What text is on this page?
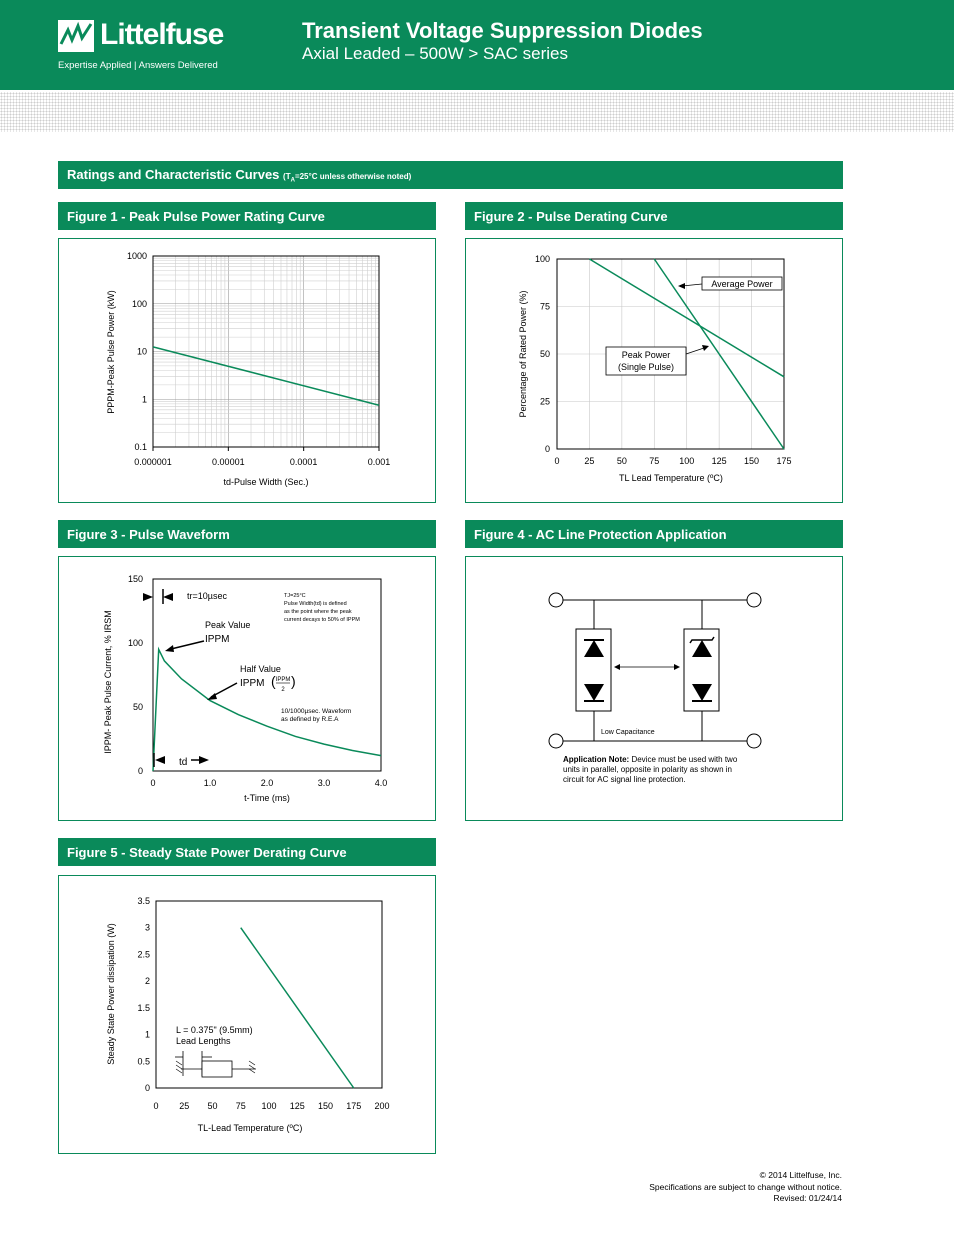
Littelfuse
Expertise Applied | Answers Delivered
Transient Voltage Suppression Diodes
Axial Leaded – 500W > SAC series
Ratings and Characteristic Curves ($T_A=25^\circ C$ unless otherwise noted)
Figure 1 - Peak Pulse Power Rating Curve
0.000001	0.00001	0.0001	0.001
0.1
1
10
100
1000
td-Pulse Width (Sec.)
PPPM-Peak Pulse Power (kW)
Figure 2 - Pulse Derating Curve
0	25 50 75 100 125 150 175
0
25
50
75
100
Average Power
Peak Power
(Single Pulse)
TL Lead Temperature (ºC)
Percentage of Rated Power (%)
Figure 3 - Pulse Waveform
0	1.0	2.0	3.0	4.0
0
50
100
150
tr=10µsec	TJ=25°C
Pulse Width(td) is defined
as the point where the peak
current decays to 50% of IPPM
Peak Value
IPPM
Half Value
IPPM ( IPPM
2
)
10/1000µsec. Waveform
as defined by R.E.A
td
t-Time (ms)
IPPM- Peak Pulse Current, % IRSM
Figure 4 - AC Line Protection Application
Low Capacitance
Application Note: Device must be used with two
units in parallel, opposite in polarity as shown in
circuit for AC signal line protection.
Figure 5 - Steady State Power Derating Curve
0 25 50 75 100 125 150 175 200
0
0.5
1
1.5
2
2.5
3
3.5
L = 0.375" (9.5mm)
Lead Lengths
TL-Lead Temperature (ºC)
Steady State Power dissipation (W)
© 2014 Littelfuse, Inc.
Specifications are subject to change without notice.
Revised: 01/24/14
